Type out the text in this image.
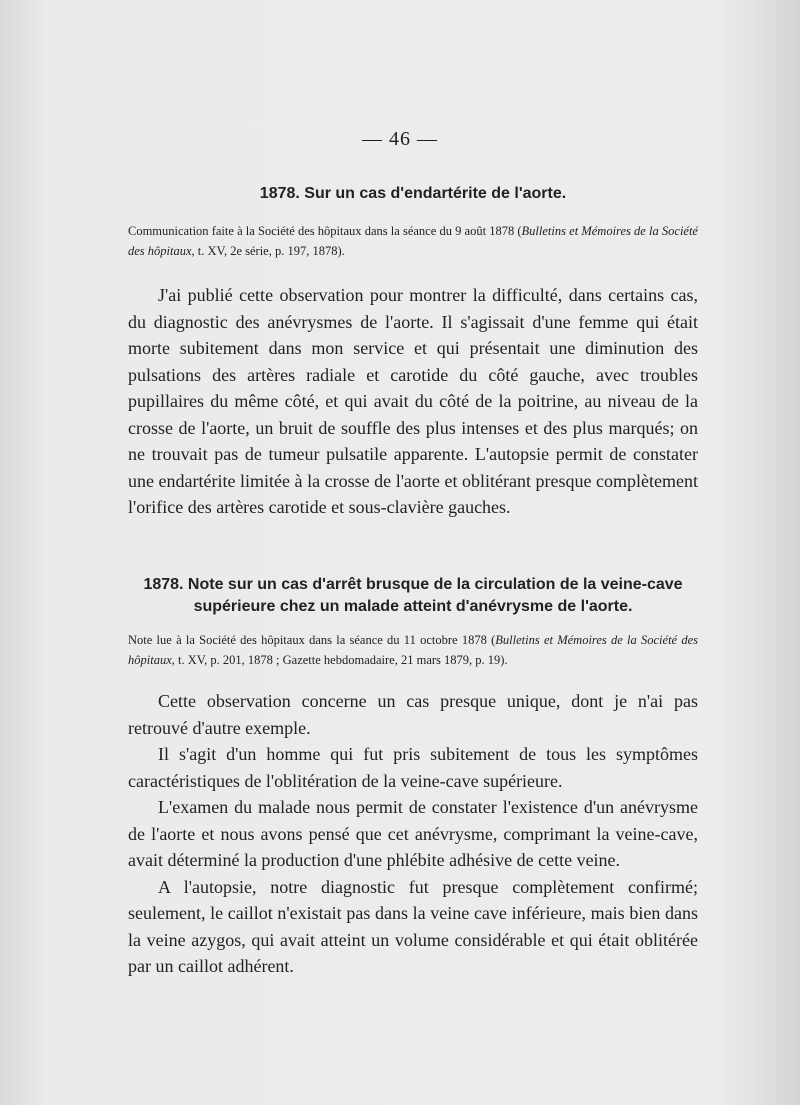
— 46 —
1878. Sur un cas d'endartérite de l'aorte.
Communication faite à la Société des hôpitaux dans la séance du 9 août 1878 (Bulletins et Mémoires de la Société des hôpitaux, t. XV, 2e série, p. 197, 1878).

J'ai publié cette observation pour montrer la difficulté, dans certains cas, du diagnostic des anévrysmes de l'aorte. Il s'agissait d'une femme qui était morte subitement dans mon service et qui présentait une diminution des pulsations des artères radiale et carotide du côté gauche, avec troubles pupillaires du même côté, et qui avait du côté de la poitrine, au niveau de la crosse de l'aorte, un bruit de souffle des plus intenses et des plus marqués; on ne trouvait pas de tumeur pulsatile apparente. L'autopsie permit de constater une endartérite limitée à la crosse de l'aorte et oblitérant presque complètement l'orifice des artères carotide et sous-clavière gauches.

1878. Note sur un cas d'arrêt brusque de la circulation de la veine-cave supérieure chez un malade atteint d'anévrysme de l'aorte.
Note lue à la Société des hôpitaux dans la séance du 11 octobre 1878 (Bulletins et Mémoires de la Société des hôpitaux, t. XV, p. 201, 1878 ; Gazette hebdomadaire, 21 mars 1879, p. 19).

Cette observation concerne un cas presque unique, dont je n'ai pas retrouvé d'autre exemple.

Il s'agit d'un homme qui fut pris subitement de tous les symptômes caractéristiques de l'oblitération de la veine-cave supérieure.

L'examen du malade nous permit de constater l'existence d'un anévrysme de l'aorte et nous avons pensé que cet anévrysme, comprimant la veine-cave, avait déterminé la production d'une phlébite adhésive de cette veine.

A l'autopsie, notre diagnostic fut presque complètement confirmé; seulement, le caillot n'existait pas dans la veine cave inférieure, mais bien dans la veine azygos, qui avait atteint un volume considérable et qui était oblitérée par un caillot adhérent.
